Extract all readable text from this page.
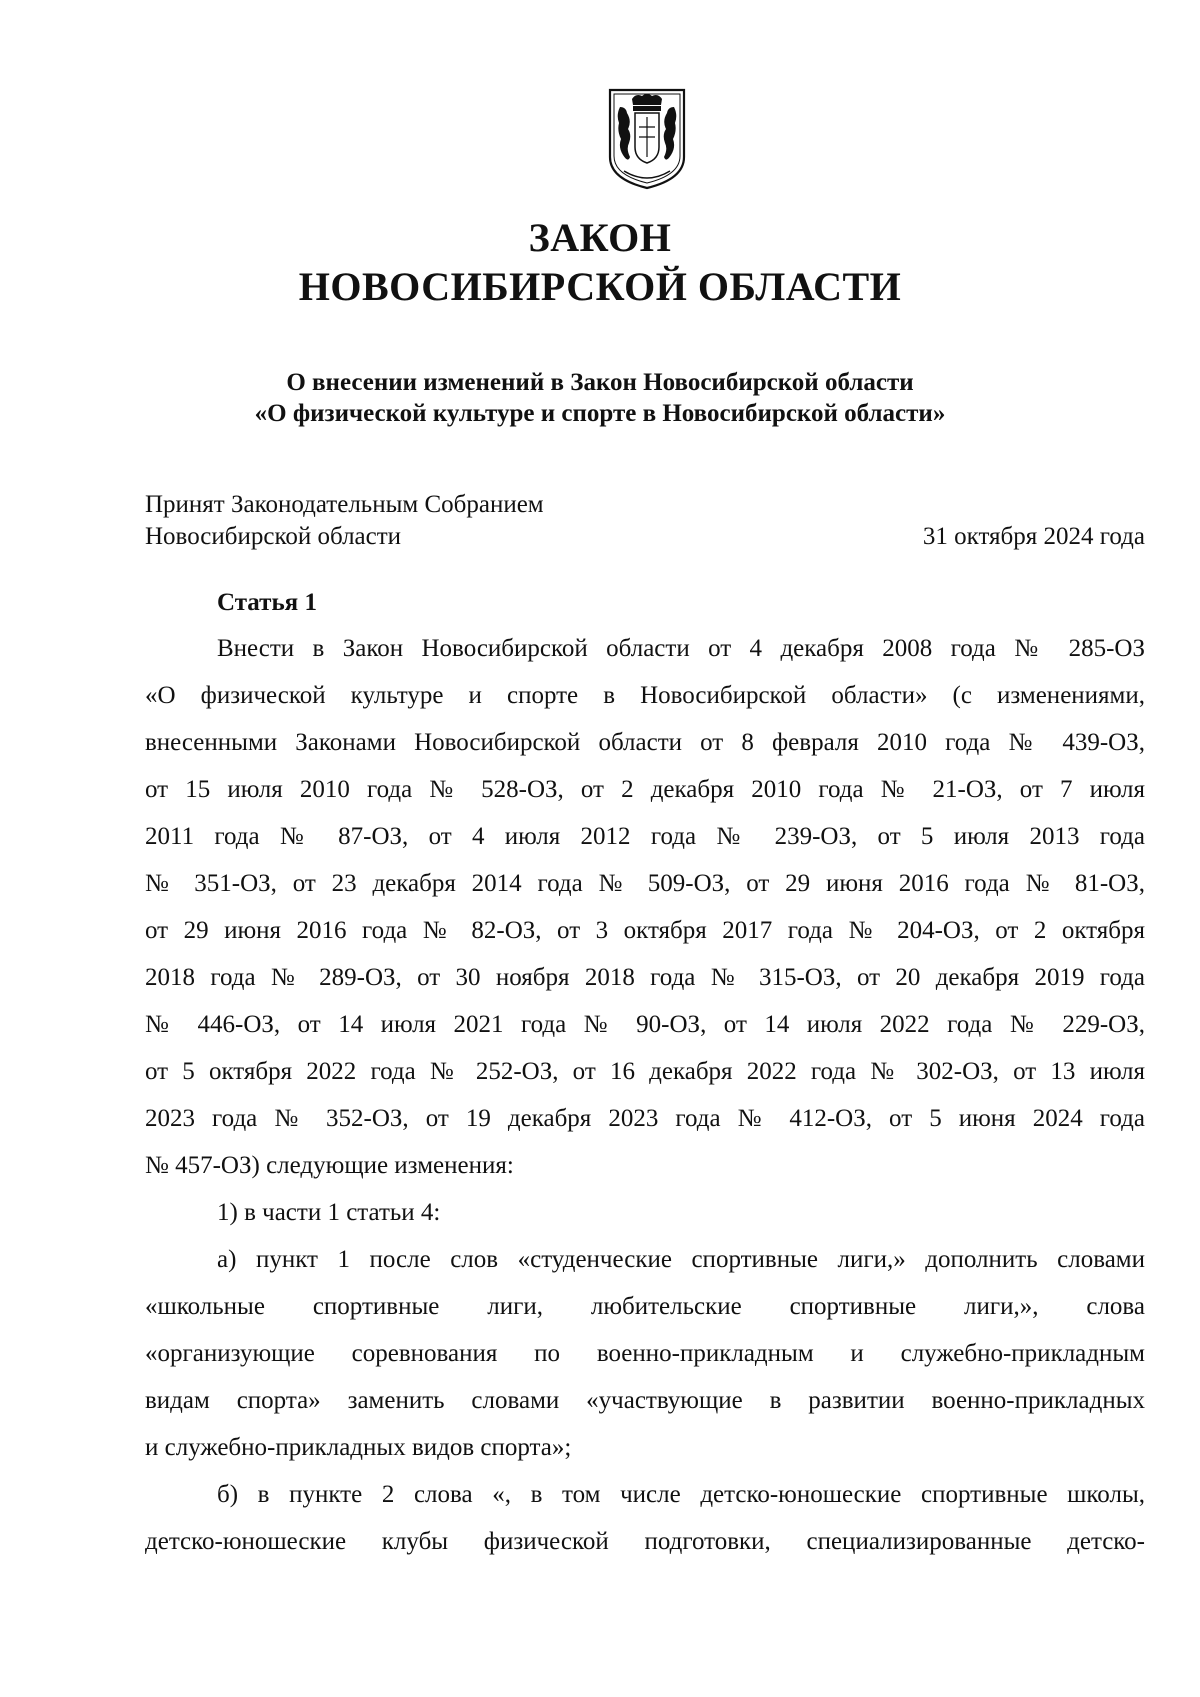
ЗАКОН
НОВОСИБИРСКОЙ ОБЛАСТИ
О внесении изменений в Закон Новосибирской области
«О физической культуре и спорте в Новосибирской области»
Принят Законодательным Собранием
Новосибирской области	31 октября 2024 года
Статья 1
Внести в Закон Новосибирской области от 4 декабря 2008 года № 285-ОЗ
«О физической культуре и спорте в Новосибирской области» (с изменениями,
внесенными Законами Новосибирской области от 8 февраля 2010 года № 439-ОЗ,
от 15 июля 2010 года № 528-ОЗ, от 2 декабря 2010 года № 21-ОЗ, от 7 июля
2011 года № 87-ОЗ, от 4 июля 2012 года № 239-ОЗ, от 5 июля 2013 года
№ 351-ОЗ, от 23 декабря 2014 года № 509-ОЗ, от 29 июня 2016 года № 81-ОЗ,
от 29 июня 2016 года № 82-ОЗ, от 3 октября 2017 года № 204-ОЗ, от 2 октября
2018 года № 289-ОЗ, от 30 ноября 2018 года № 315-ОЗ, от 20 декабря 2019 года
№ 446-ОЗ, от 14 июля 2021 года № 90-ОЗ, от 14 июля 2022 года № 229-ОЗ,
от 5 октября 2022 года № 252-ОЗ, от 16 декабря 2022 года № 302-ОЗ, от 13 июля
2023 года № 352-ОЗ, от 19 декабря 2023 года № 412-ОЗ, от 5 июня 2024 года
№ 457-ОЗ) следующие изменения:
1) в части 1 статьи 4:
а) пункт 1 после слов «студенческие спортивные лиги,» дополнить словами
«школьные спортивные лиги, любительские спортивные лиги,», слова
«организующие соревнования по военно-прикладным и служебно-прикладным
видам спорта» заменить словами «участвующие в развитии военно-прикладных
и служебно-прикладных видов спорта»;
б) в пункте 2 слова «, в том числе детско-юношеские спортивные школы,
детско-юношеские клубы физической подготовки, специализированные детско-
